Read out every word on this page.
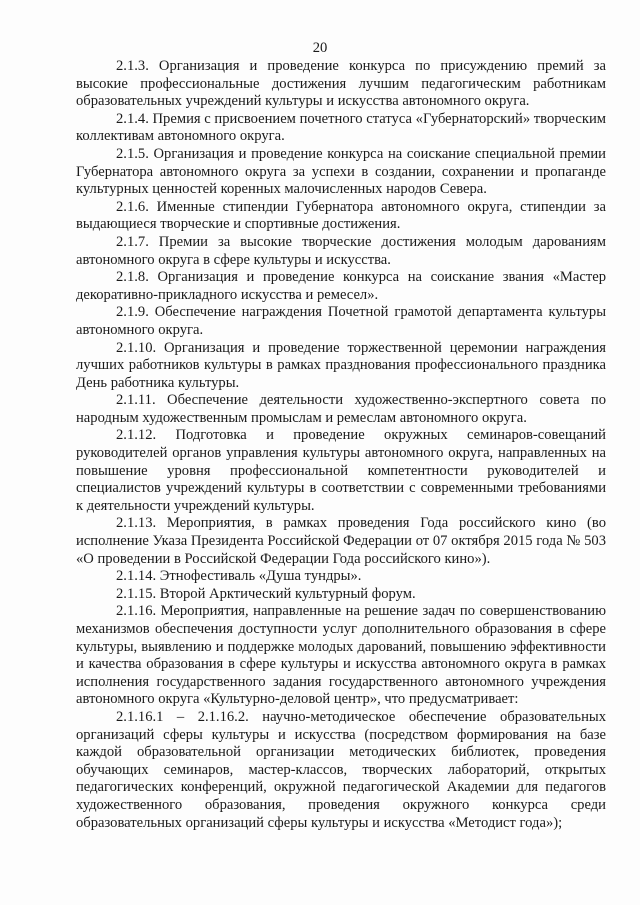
20

2.1.3. Организация и проведение конкурса по присуждению премий за высокие профессиональные достижения лучшим педагогическим работникам образовательных учреждений культуры и искусства автономного округа.

2.1.4. Премия с присвоением почетного статуса «Губернаторский» творческим коллективам автономного округа.

2.1.5. Организация и проведение конкурса на соискание специальной премии Губернатора автономного округа за успехи в создании, сохранении и пропаганде культурных ценностей коренных малочисленных народов Севера.

2.1.6. Именные стипендии Губернатора автономного округа, стипендии за выдающиеся творческие и спортивные достижения.

2.1.7. Премии за высокие творческие достижения молодым дарованиям автономного округа в сфере культуры и искусства.

2.1.8. Организация и проведение конкурса на соискание звания «Мастер декоративно-прикладного искусства и ремесел».

2.1.9. Обеспечение награждения Почетной грамотой департамента культуры автономного округа.

2.1.10. Организация и проведение торжественной церемонии награждения лучших работников культуры в рамках празднования профессионального праздника День работника культуры.

2.1.11. Обеспечение деятельности художественно-экспертного совета по народным художественным промыслам и ремеслам автономного округа.

2.1.12. Подготовка и проведение окружных семинаров-совещаний руководителей органов управления культуры автономного округа, направленных на повышение уровня профессиональной компетентности руководителей и специалистов учреждений культуры в соответствии с современными требованиями к деятельности учреждений культуры.

2.1.13. Мероприятия, в рамках проведения Года российского кино (во исполнение Указа Президента Российской Федерации от 07 октября 2015 года № 503 «О проведении в Российской Федерации Года российского кино»).

2.1.14. Этнофестиваль «Душа тундры».

2.1.15. Второй Арктический культурный форум.

2.1.16. Мероприятия, направленные на решение задач по совершенствованию механизмов обеспечения доступности услуг дополнительного образования в сфере культуры, выявлению и поддержке молодых дарований, повышению эффективности и качества образования в сфере культуры и искусства автономного округа в рамках исполнения государственного задания государственного автономного учреждения автономного округа «Культурно-деловой центр», что предусматривает:

2.1.16.1 – 2.1.16.2. научно-методическое обеспечение образовательных организаций сферы культуры и искусства (посредством формирования на базе каждой образовательной организации методических библиотек, проведения обучающих семинаров, мастер-классов, творческих лабораторий, открытых педагогических конференций, окружной педагогической Академии для педагогов художественного образования, проведения окружного конкурса среди образовательных организаций сферы культуры и искусства «Методист года»);
